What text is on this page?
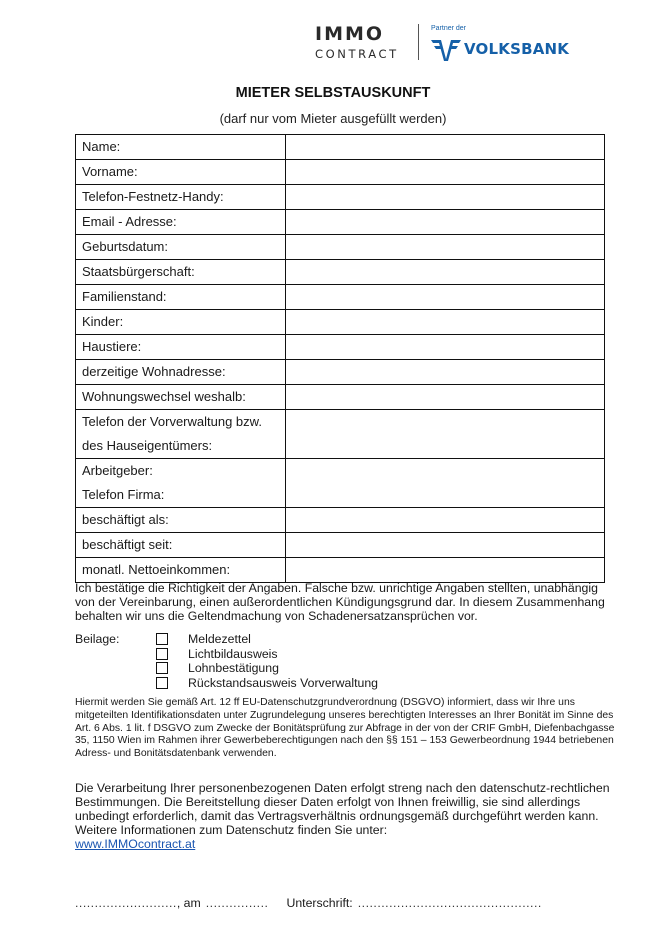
IMMO
CONTRACT
Partner der
VOLKSBANK
MIETER SELBSTAUSKUNFT
(darf nur vom Mieter ausgefüllt werden)
Name:	

Vorname:	

Telefon-Festnetz-Handy:	

Email - Adresse:	

Geburtsdatum:	

Staatsbürgerschaft:	

Familienstand:	

Kinder:	

Haustiere:	

derzeitige Wohnadresse:	

Wohnungswechsel weshalb:	

Telefon der Vorverwaltung bzw.
des Hauseigentümers:	

Arbeitgeber:
Telefon Firma:	

beschäftigt als:	

beschäftigt seit:	

monatl. Nettoeinkommen:	

Ich bestätige die Richtigkeit der Angaben. Falsche bzw. unrichtige Angaben stellten, unabhängig von der Vereinbarung, einen außerordentlichen Kündigungsgrund dar. In diesem Zusammenhang behalten wir uns die Geltendmachung von Schadenersatzansprüchen vor.
Beilage:	Meldezettel
Lichtbildausweis
Lohnbestätigung
Rückstandsausweis Vorverwaltung
Hiermit werden Sie gemäß Art. 12 ff EU-Datenschutzgrundverordnung (DSGVO) informiert, dass wir Ihre uns mitgeteilten Identifikationsdaten unter Zugrundelegung unseres berechtigten Interesses an Ihrer Bonität im Sinne des Art. 6 Abs. 1 lit. f DSGVO zum Zwecke der Bonitätsprüfung zur Abfrage in der von der CRIF GmbH, Diefenbachgasse 35, 1150 Wien im Rahmen ihrer Gewerbeberechtigungen nach den §§ 151 – 153 Gewerbeordnung 1944 betriebenen Adress- und Bonitätsdatenbank verwenden.
Die Verarbeitung Ihrer personenbezogenen Daten erfolgt streng nach den datenschutz-rechtlichen Bestimmungen. Die Bereitstellung dieser Daten erfolgt von Ihnen freiwillig, sie sind allerdings unbedingt erforderlich, damit das Vertragsverhältnis ordnungsgemäß durchgeführt werden kann. Weitere Informationen zum Datenschutz finden Sie unter:
www.IMMOcontract.at
.......................... , am ................ Unterschrift: ...............................................
